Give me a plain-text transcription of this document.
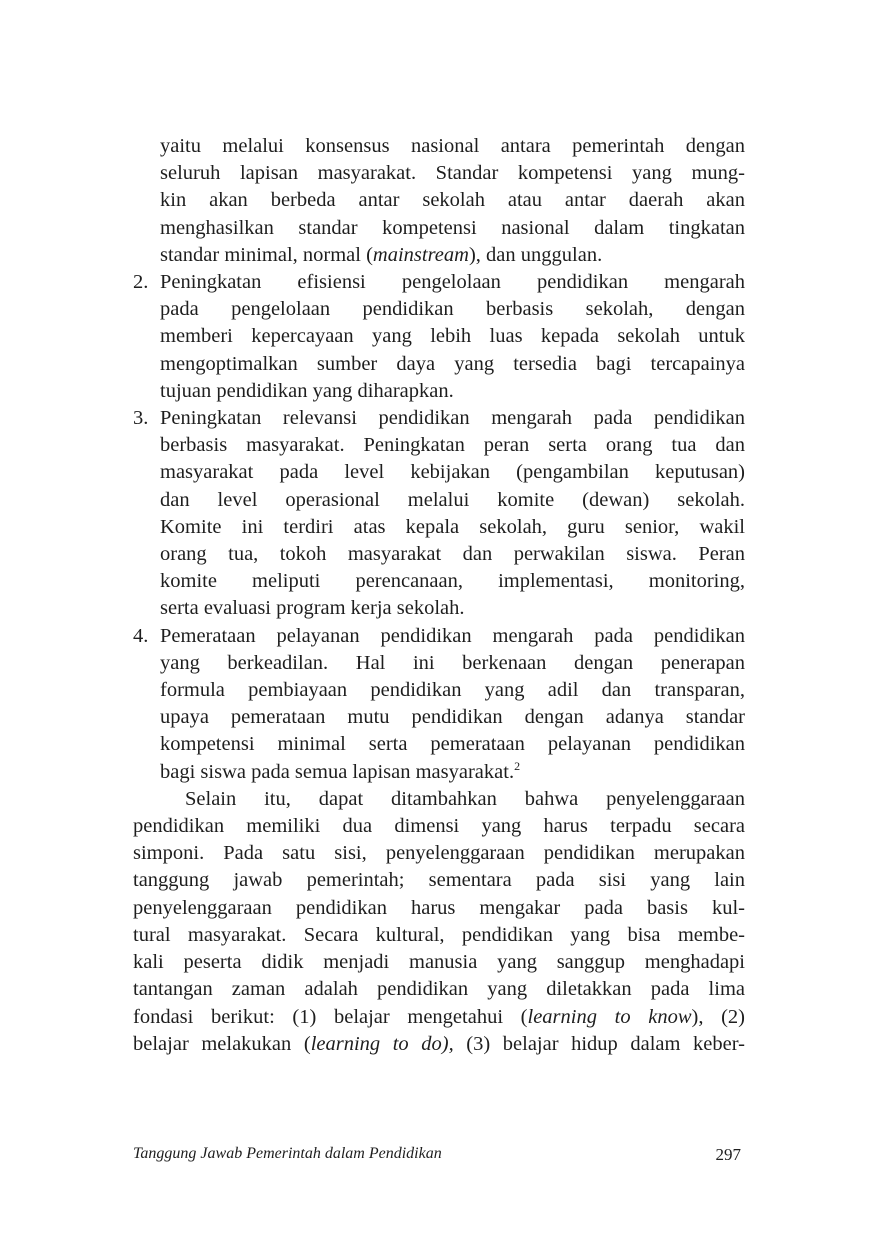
yaitu melalui konsensus nasional antara pemerintah dengan
seluruh lapisan masyarakat. Standar kompetensi yang mung-
kin akan berbeda antar sekolah atau antar daerah akan
menghasilkan standar kompetensi nasional dalam tingkatan
standar minimal, normal (mainstream), dan unggulan.
2. Peningkatan efisiensi pengelolaan pendidikan mengarah
pada pengelolaan pendidikan berbasis sekolah, dengan
memberi kepercayaan yang lebih luas kepada sekolah untuk
mengoptimalkan sumber daya yang tersedia bagi tercapainya
tujuan pendidikan yang diharapkan.
3. Peningkatan relevansi pendidikan mengarah pada pendidikan
berbasis masyarakat. Peningkatan peran serta orang tua dan
masyarakat pada level kebijakan (pengambilan keputusan)
dan level operasional melalui komite (dewan) sekolah.
Komite ini terdiri atas kepala sekolah, guru senior, wakil
orang tua, tokoh masyarakat dan perwakilan siswa. Peran
komite meliputi perencanaan, implementasi, monitoring,
serta evaluasi program kerja sekolah.
4. Pemerataan pelayanan pendidikan mengarah pada pendidikan
yang berkeadilan. Hal ini berkenaan dengan penerapan
formula pembiayaan pendidikan yang adil dan transparan,
upaya pemerataan mutu pendidikan dengan adanya standar
kompetensi minimal serta pemerataan pelayanan pendidikan
bagi siswa pada semua lapisan masyarakat.$^2$
Selain itu, dapat ditambahkan bahwa penyelenggaraan
pendidikan memiliki dua dimensi yang harus terpadu secara
simponi. Pada satu sisi, penyelenggaraan pendidikan merupakan
tanggung jawab pemerintah; sementara pada sisi yang lain
penyelenggaraan pendidikan harus mengakar pada basis kul-
tural masyarakat. Secara kultural, pendidikan yang bisa membe-
kali peserta didik menjadi manusia yang sanggup menghadapi
tantangan zaman adalah pendidikan yang diletakkan pada lima
fondasi berikut: (1) belajar mengetahui (learning to know), (2)
belajar melakukan (learning to do), (3) belajar hidup dalam keber-
Tanggung Jawab Pemerintah dalam Pendidikan	297
